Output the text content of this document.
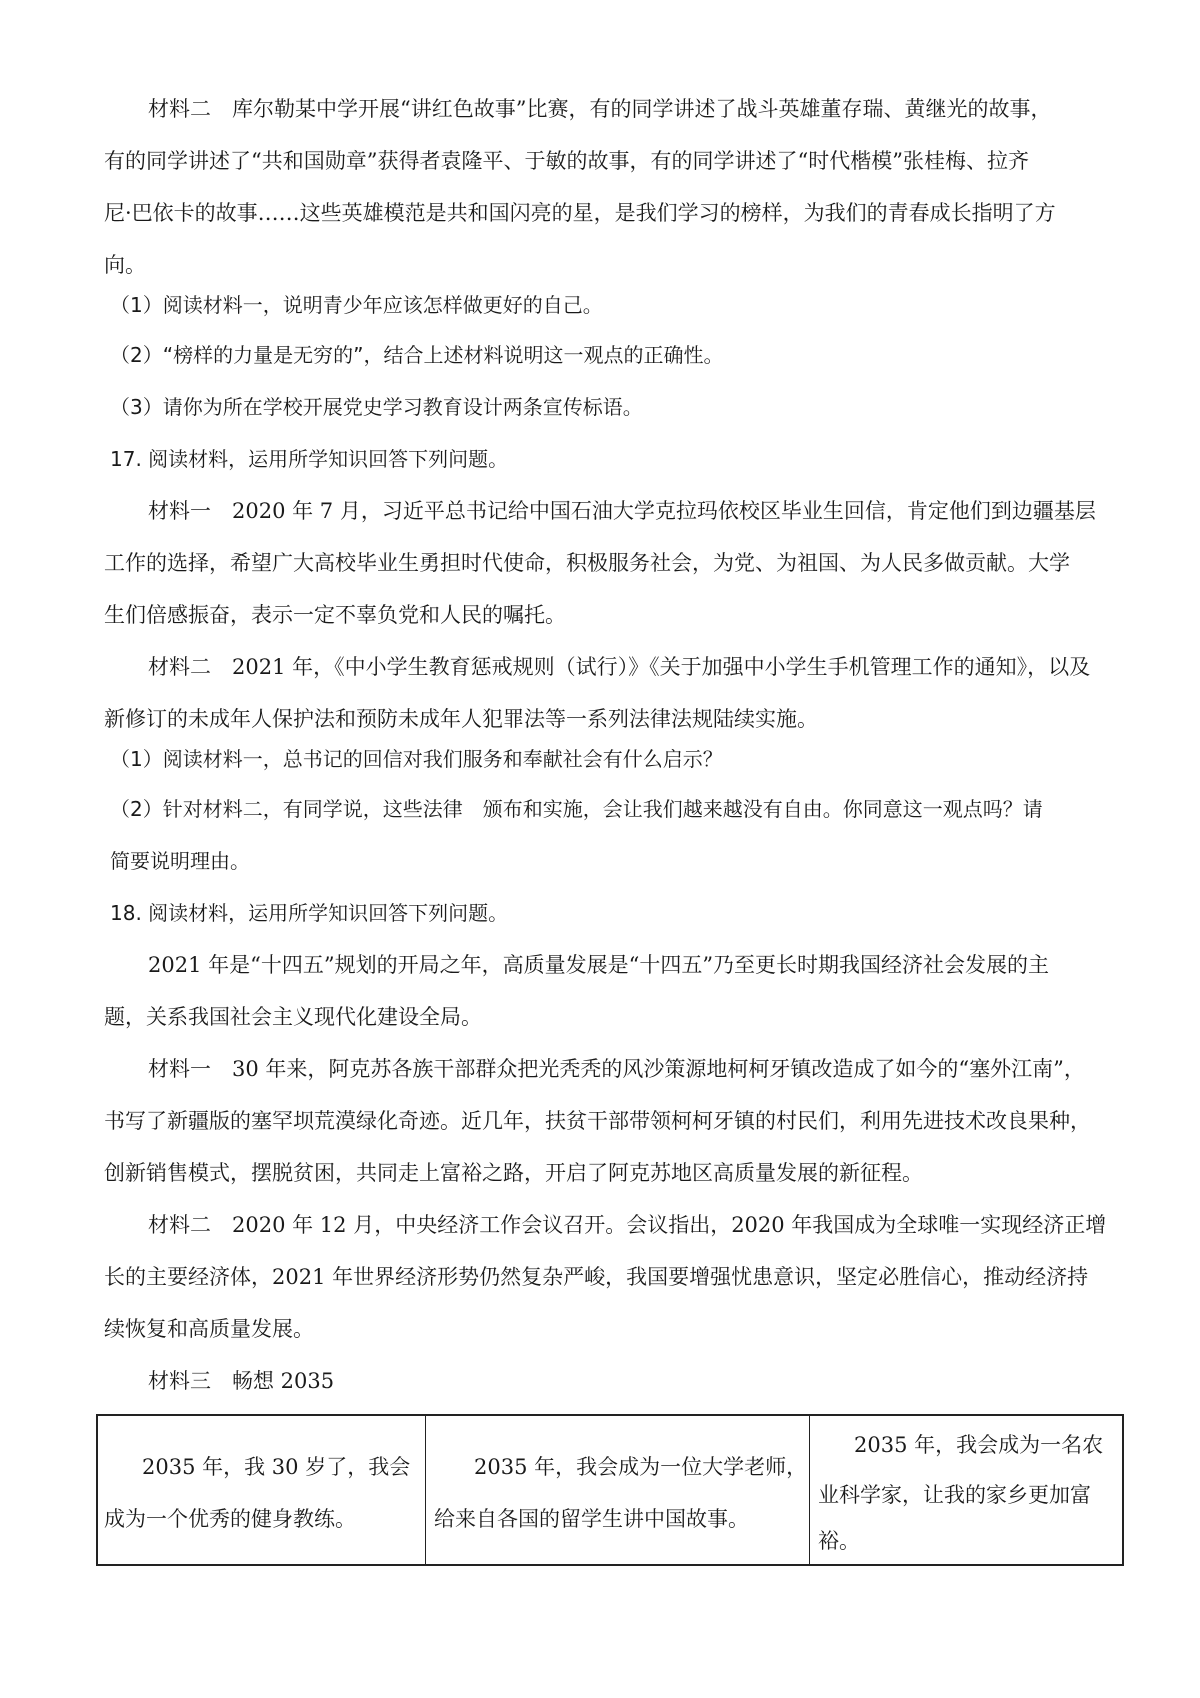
材料二　库尔勒某中学开展“讲红色故事”比赛，有的同学讲述了战斗英雄董存瑞、黄继光的故事，
有的同学讲述了“共和国勋章”获得者袁隆平、于敏的故事，有的同学讲述了“时代楷模”张桂梅、拉齐
尼·巴依卡的故事……这些英雄模范是共和国闪亮的星，是我们学习的榜样，为我们的青春成长指明了方
向。
（1）阅读材料一，说明青少年应该怎样做更好的自己。
（2）“榜样的力量是无穷的”，结合上述材料说明这一观点的正确性。
（3）请你为所在学校开展党史学习教育设计两条宣传标语。
17. 阅读材料，运用所学知识回答下列问题。
材料一　2020 年 7 月，习近平总书记给中国石油大学克拉玛依校区毕业生回信，肯定他们到边疆基层
工作的选择，希望广大高校毕业生勇担时代使命，积极服务社会，为党、为祖国、为人民多做贡献。大学
生们倍感振奋，表示一定不辜负党和人民的嘱托。
材料二　2021 年，《中小学生教育惩戒规则（试行）》《关于加强中小学生手机管理工作的通知》，以及
新修订的未成年人保护法和预防未成年人犯罪法等一系列法律法规陆续实施。
（1）阅读材料一，总书记的回信对我们服务和奉献社会有什么启示？
（2）针对材料二，有同学说，这些法律　颁布和实施，会让我们越来越没有自由。你同意这一观点吗？请
简要说明理由。
18. 阅读材料，运用所学知识回答下列问题。
2021 年是“十四五”规划的开局之年，高质量发展是“十四五”乃至更长时期我国经济社会发展的主
题，关系我国社会主义现代化建设全局。
材料一　30 年来，阿克苏各族干部群众把光秃秃的风沙策源地柯柯牙镇改造成了如今的“塞外江南”，
书写了新疆版的塞罕坝荒漠绿化奇迹。近几年，扶贫干部带领柯柯牙镇的村民们，利用先进技术改良果种，
创新销售模式，摆脱贫困，共同走上富裕之路，开启了阿克苏地区高质量发展的新征程。
材料二　2020 年 12 月，中央经济工作会议召开。会议指出，2020 年我国成为全球唯一实现经济正增
长的主要经济体，2021 年世界经济形势仍然复杂严峻，我国要增强忧患意识，坚定必胜信心，推动经济持
续恢复和高质量发展。
材料三　畅想 2035
2035 年，我 30 岁了，我会
成为一个优秀的健身教练。
2035 年，我会成为一位大学老师，
给来自各国的留学生讲中国故事。
2035 年，我会成为一名农
业科学家，让我的家乡更加富
裕。
